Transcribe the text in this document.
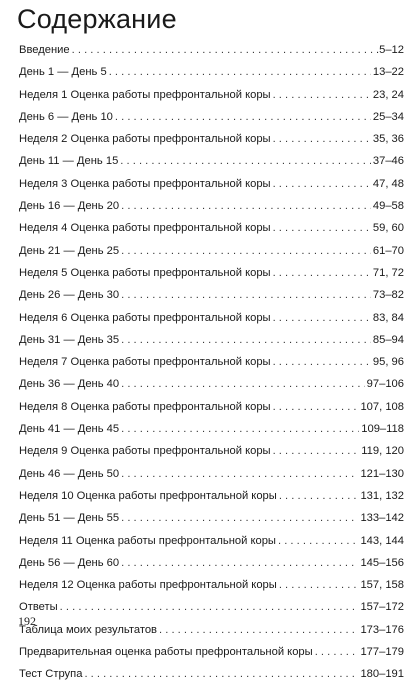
Содержание
Введение . . .	.5–12
День 1 — День 5 . . .	13–22
Неделя 1 Оценка работы префронтальной коры . . .	23, 24
День 6 — День 10 . . .	25–34
Неделя 2 Оценка работы префронтальной коры . . .	35, 36
День 11 — День 15 . . .	37–46
Неделя 3 Оценка работы префронтальной коры . . .	47, 48
День 16 — День 20 . . .	49–58
Неделя 4 Оценка работы префронтальной коры . . .	59, 60
День 21 — День 25 . . .	61–70
Неделя 5 Оценка работы префронтальной коры . . .	71, 72
День 26 — День 30 . . .	73–82
Неделя 6 Оценка работы префронтальной коры . . .	83, 84
День 31 — День 35 . . .	85–94
Неделя 7 Оценка работы префронтальной коры . . .	95, 96
День 36 — День 40 . . .	97–106
Неделя 8 Оценка работы префронтальной коры . . .	107, 108
День 41 — День 45 . . .	109–118
Неделя 9 Оценка работы префронтальной коры . . .	119, 120
День 46 — День 50 . . .	121–130
Неделя 10 Оценка работы префронтальной коры . . .	131, 132
День 51 — День 55 . . .	133–142
Неделя 11 Оценка работы префронтальной коры . . .	143, 144
День 56 — День 60 . . .	145–156
Неделя 12 Оценка работы префронтальной коры . . .	157, 158
Ответы . . .	157–172
Таблица моих результатов . . .	173–176
Предварительная оценка работы префронтальной коры . . .	177–179
Тест Струпа . . .	180–191
192
